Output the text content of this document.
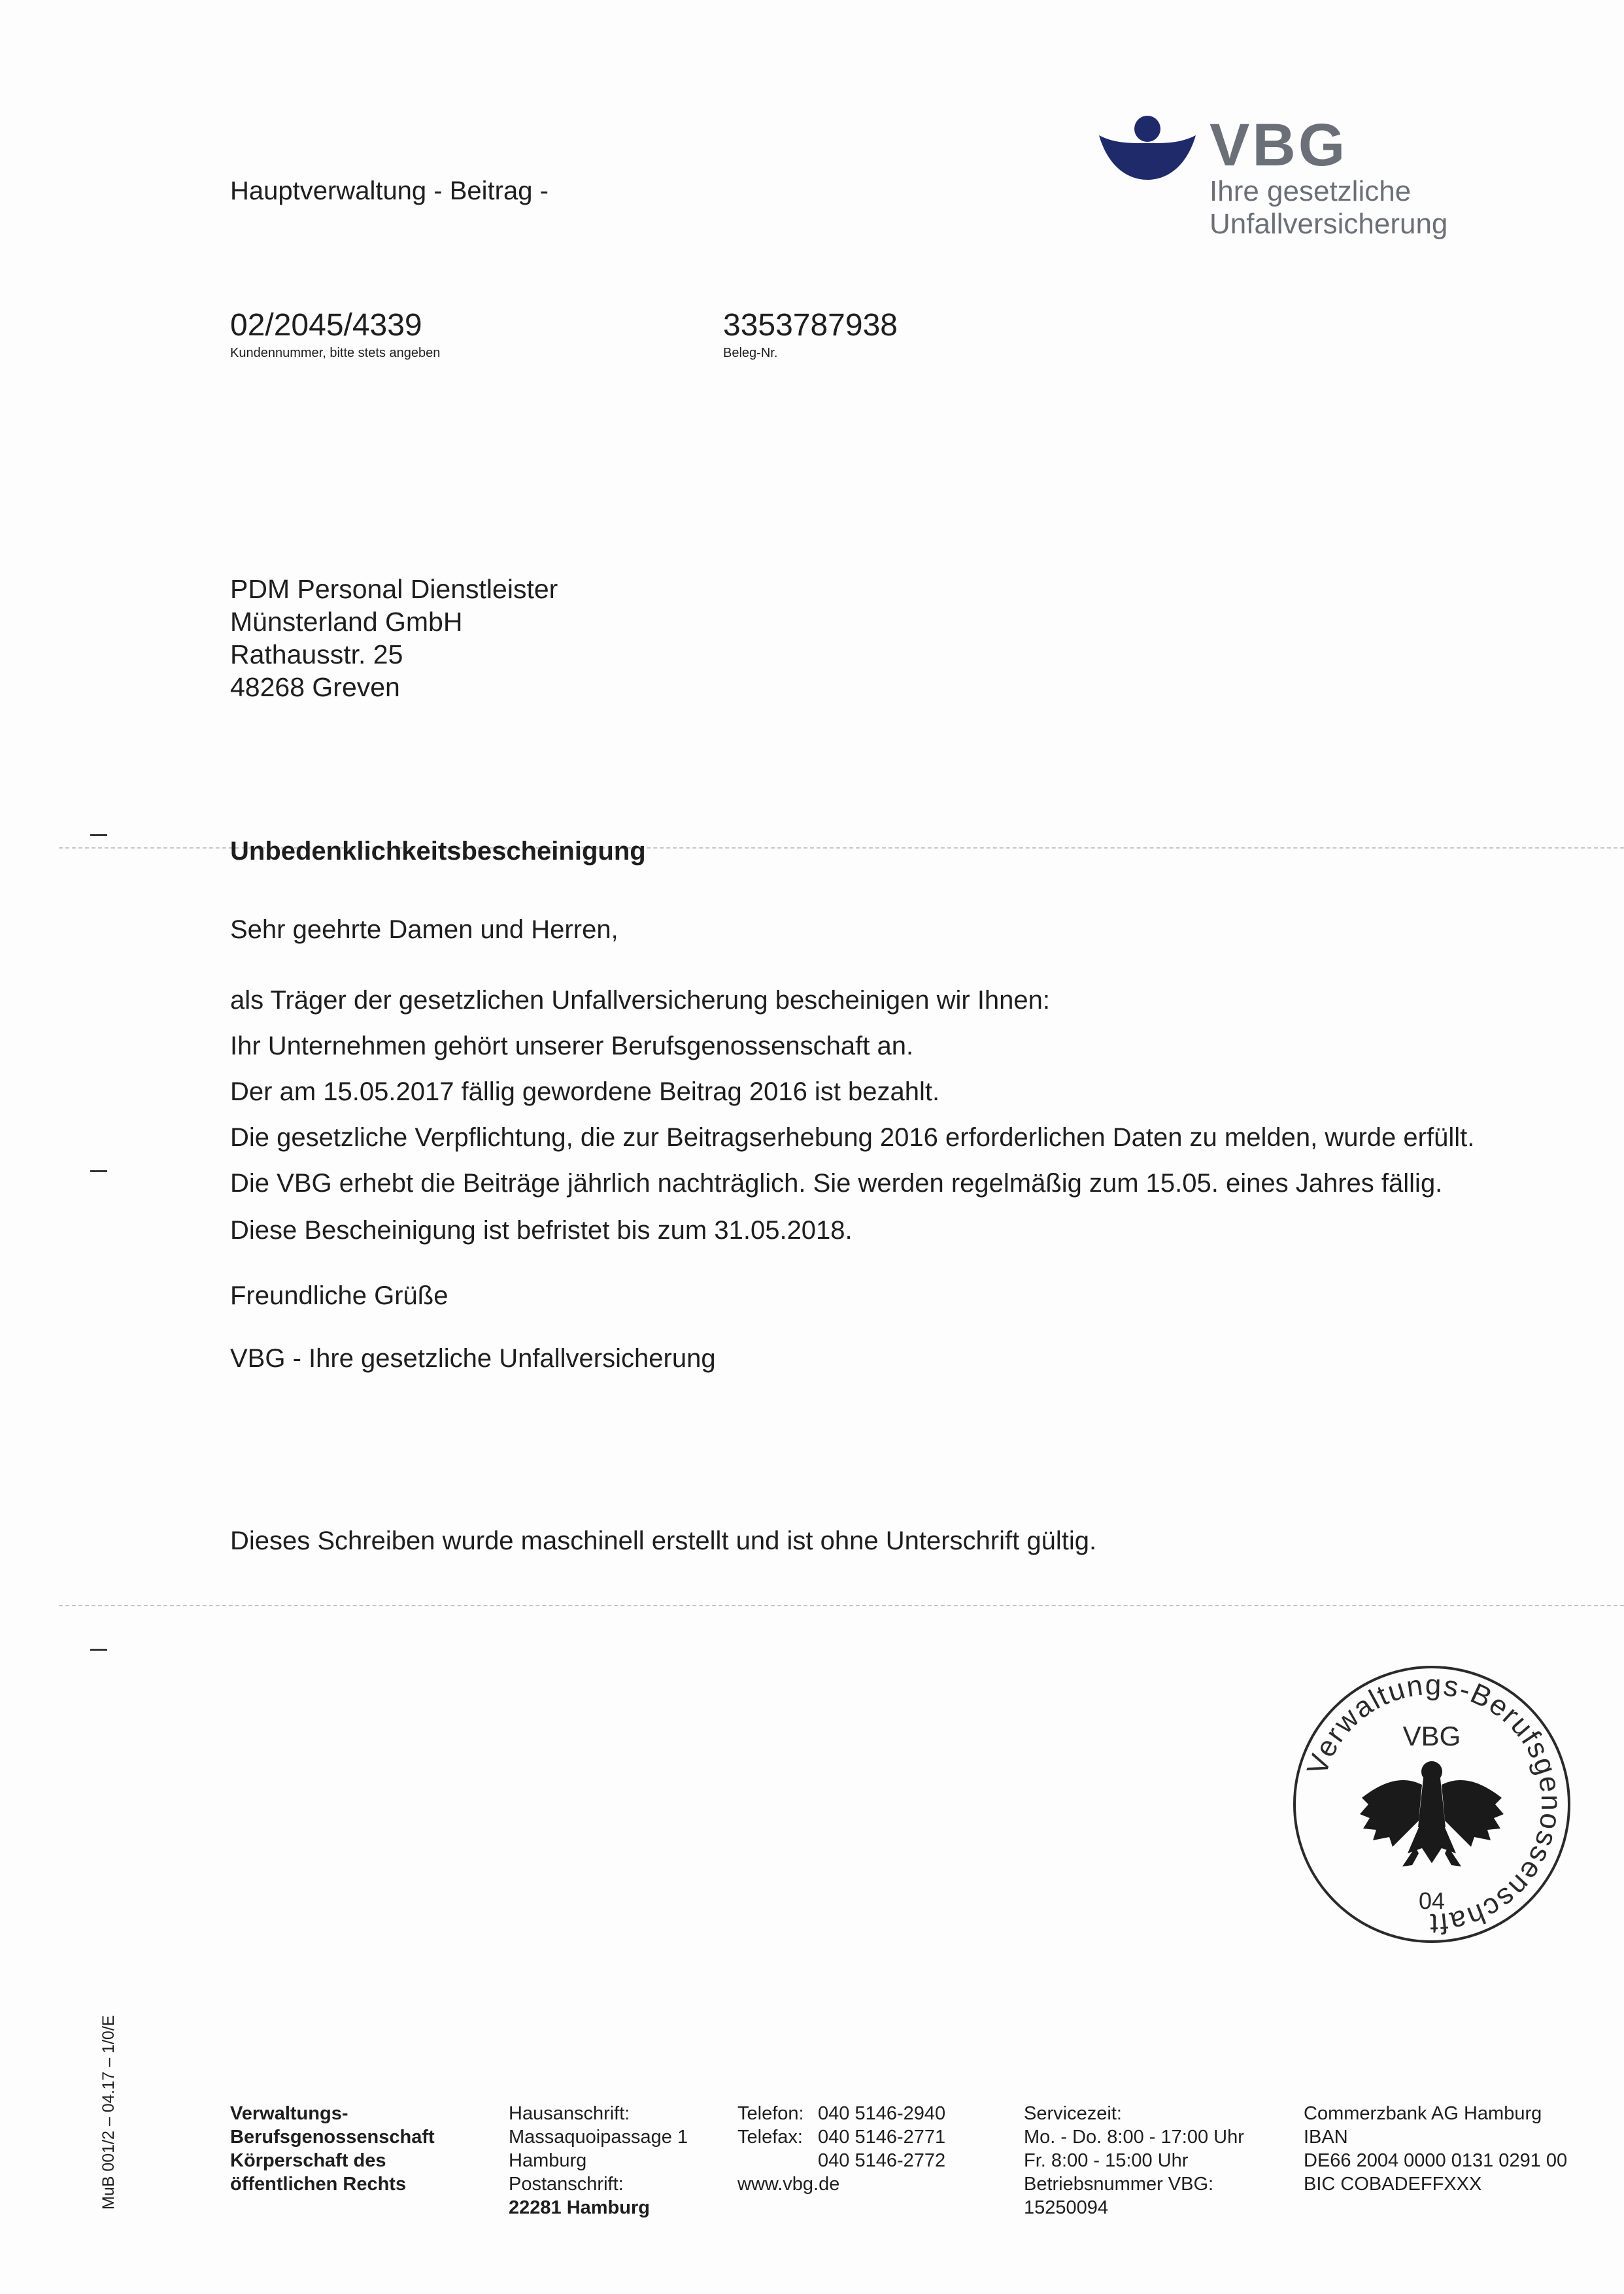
Hauptverwaltung - Beitrag -
VBG
Ihre gesetzliche
Unfallversicherung
02/2045/4339
Kundennummer, bitte stets angeben
3353787938
Beleg-Nr.
PDM Personal Dienstleister
Münsterland GmbH
Rathausstr. 25
48268 Greven
Unbedenklichkeitsbescheinigung
Sehr geehrte Damen und Herren,
als Träger der gesetzlichen Unfallversicherung bescheinigen wir Ihnen:
Ihr Unternehmen gehört unserer Berufsgenossenschaft an.
Der am 15.05.2017 fällig gewordene Beitrag 2016 ist bezahlt.
Die gesetzliche Verpflichtung, die zur Beitragserhebung 2016 erforderlichen Daten zu melden, wurde erfüllt.
Die VBG erhebt die Beiträge jährlich nachträglich. Sie werden regelmäßig zum 15.05. eines Jahres fällig.
Diese Bescheinigung ist befristet bis zum 31.05.2018.
Freundliche Grüße
VBG - Ihre gesetzliche Unfallversicherung
Dieses Schreiben wurde maschinell erstellt und ist ohne Unterschrift gültig.
Verwaltungs-Berufsgenossenschaft
VBG
04
MuB 001/2 – 04.17 – 1/0/E	Verwaltungs-
Berufsgenossenschaft
Körperschaft des
öffentlichen Rechts
Hausanschrift:
Massaquoipassage 1
Hamburg
Postanschrift:
22281 Hamburg
Telefon: 040 5146-2940
Telefax: 040 5146-2771
040 5146-2772
www.vbg.de
Servicezeit:
Mo. - Do. 8:00 - 17:00 Uhr
Fr. 8:00 - 15:00 Uhr
Betriebsnummer VBG:
15250094
Commerzbank AG Hamburg
IBAN
DE66 2004 0000 0131 0291 00
BIC COBADEFFXXX
